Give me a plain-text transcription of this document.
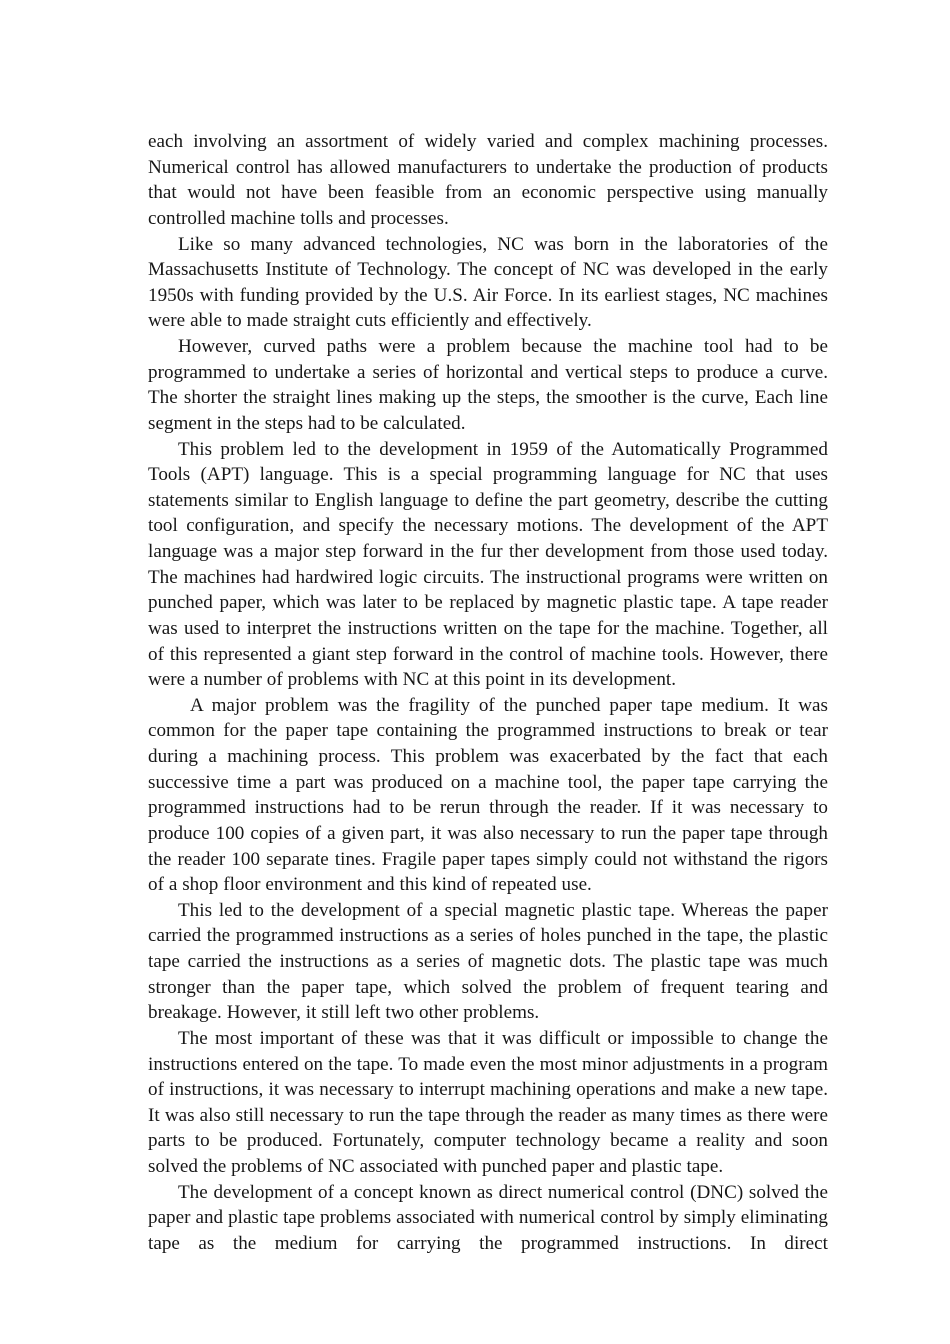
each involving an assortment of widely varied and complex machining processes. Numerical control has allowed manufacturers to undertake the production of products that would not have been feasible from an economic perspective using manually controlled machine tolls and processes.

Like so many advanced technologies, NC was born in the laboratories of the Massachusetts Institute of Technology. The concept of NC was developed in the early 1950s with funding provided by the U.S. Air Force. In its earliest stages, NC machines were able to made straight cuts efficiently and effectively.

However, curved paths were a problem because the machine tool had to be programmed to undertake a series of horizontal and vertical steps to produce a curve. The shorter the straight lines making up the steps, the smoother is the curve, Each line segment in the steps had to be calculated.

This problem led to the development in 1959 of the Automatically Programmed Tools (APT) language. This is a special programming language for NC that uses statements similar to English language to define the part geometry, describe the cutting tool configuration, and specify the necessary motions. The development of the APT language was a major step forward in the fur ther development from those used today. The machines had hardwired logic circuits. The instructional programs were written on punched paper, which was later to be replaced by magnetic plastic tape. A tape reader was used to interpret the instructions written on the tape for the machine. Together, all of this represented a giant step forward in the control of machine tools. However, there were a number of problems with NC at this point in its development.

A major problem was the fragility of the punched paper tape medium. It was common for the paper tape containing the programmed instructions to break or tear during a machining process. This problem was exacerbated by the fact that each successive time a part was produced on a machine tool, the paper tape carrying the programmed instructions had to be rerun through the reader. If it was necessary to produce 100 copies of a given part, it was also necessary to run the paper tape through the reader 100 separate tines. Fragile paper tapes simply could not withstand the rigors of a shop floor environment and this kind of repeated use.

This led to the development of a special magnetic plastic tape. Whereas the paper carried the programmed instructions as a series of holes punched in the tape, the plastic tape carried the instructions as a series of magnetic dots. The plastic tape was much stronger than the paper tape, which solved the problem of frequent tearing and breakage. However, it still left two other problems.

The most important of these was that it was difficult or impossible to change the instructions entered on the tape. To made even the most minor adjustments in a program of instructions, it was necessary to interrupt machining operations and make a new tape. It was also still necessary to run the tape through the reader as many times as there were parts to be produced. Fortunately, computer technology became a reality and soon solved the problems of NC associated with punched paper and plastic tape.

The development of a concept known as direct numerical control (DNC) solved the paper and plastic tape problems associated with numerical control by simply eliminating tape as the medium for carrying the programmed instructions. In direct
